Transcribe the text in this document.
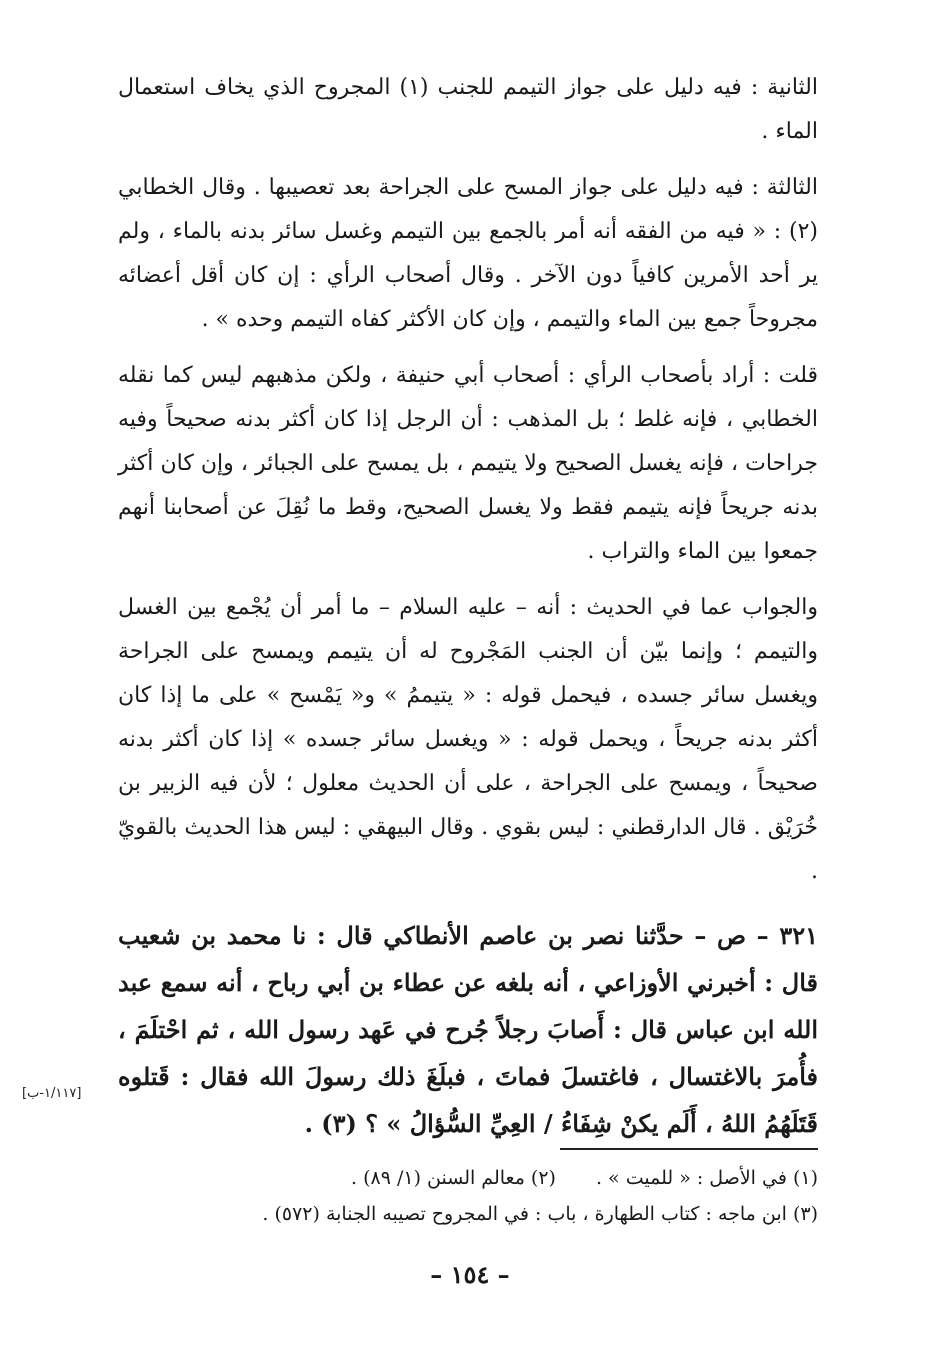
الثانية : فيه دليل على جواز التيمم للجنب (١) المجروح الذي يخاف استعمال الماء .

الثالثة : فيه دليل على جواز المسح على الجراحة بعد تعصيبها . وقال الخطابي (٢) : « فيه من الفقه أنه أمر بالجمع بين التيمم وغسل سائر بدنه بالماء ، ولم ير أحد الأمرين كافياً دون الآخر . وقال أصحاب الرأي : إن كان أقل أعضائه مجروحاً جمع بين الماء والتيمم ، وإن كان الأكثر كفاه التيمم وحده » .

قلت : أراد بأصحاب الرأي : أصحاب أبي حنيفة ، ولكن مذهبهم ليس كما نقله الخطابي ، فإنه غلط ؛ بل المذهب : أن الرجل إذا كان أكثر بدنه صحيحاً وفيه جراحات ، فإنه يغسل الصحيح ولا يتيمم ، بل يمسح على الجبائر ، وإن كان أكثر بدنه جريحاً فإنه يتيمم فقط ولا يغسل الصحيح، وقط ما نُقِلَ عن أصحابنا أنهم جمعوا بين الماء والتراب .

والجواب عما في الحديث : أنه – عليه السلام – ما أمر أن يُجْمع بين الغسل والتيمم ؛ وإنما بيّن أن الجنب المَجْروح له أن يتيمم ويمسح على الجراحة ويغسل سائر جسده ، فيحمل قوله : « يتيممُ » و« يَمْسح » على ما إذا كان أكثر بدنه جريحاً ، ويحمل قوله : « ويغسل سائر جسده » إذا كان أكثر بدنه صحيحاً ، ويمسح على الجراحة ، على أن الحديث معلول ؛ لأن فيه الزبير بن خُرَيْق . قال الدارقطني : ليس بقوي . وقال البيهقي : ليس هذا الحديث بالقويّ .

٣٢١ – ص – حدَّثنا نصر بن عاصم الأنطاكي قال : نا محمد بن شعيب قال : أخبرني الأوزاعي ، أنه بلغه عن عطاء بن أبي رباح ، أنه سمع عبد الله ابن عباس قال : أَصابَ رجلاً جُرح في عَهد رسول الله ، ثم احْتلَمَ ، فأُمرَ بالاغتسال ، فاغتسلَ فماتَ ، فبلَغَ ذلك رسولَ الله فقال : قَتلوه قَتَلَهُمُ اللهُ ، أَلَم يكنْ شِفَاءُ / العِيِّ السُّؤالُ » ؟ (٣) .

[١/١١٧-ب]
(١) في الأصل : « للميت » .
(٢) معالم السنن (١/ ٨٩) .
(٣) ابن ماجه : كتاب الطهارة ، باب : في المجروح تصيبه الجنابة (٥٧٢) .
– ١٥٤ –
